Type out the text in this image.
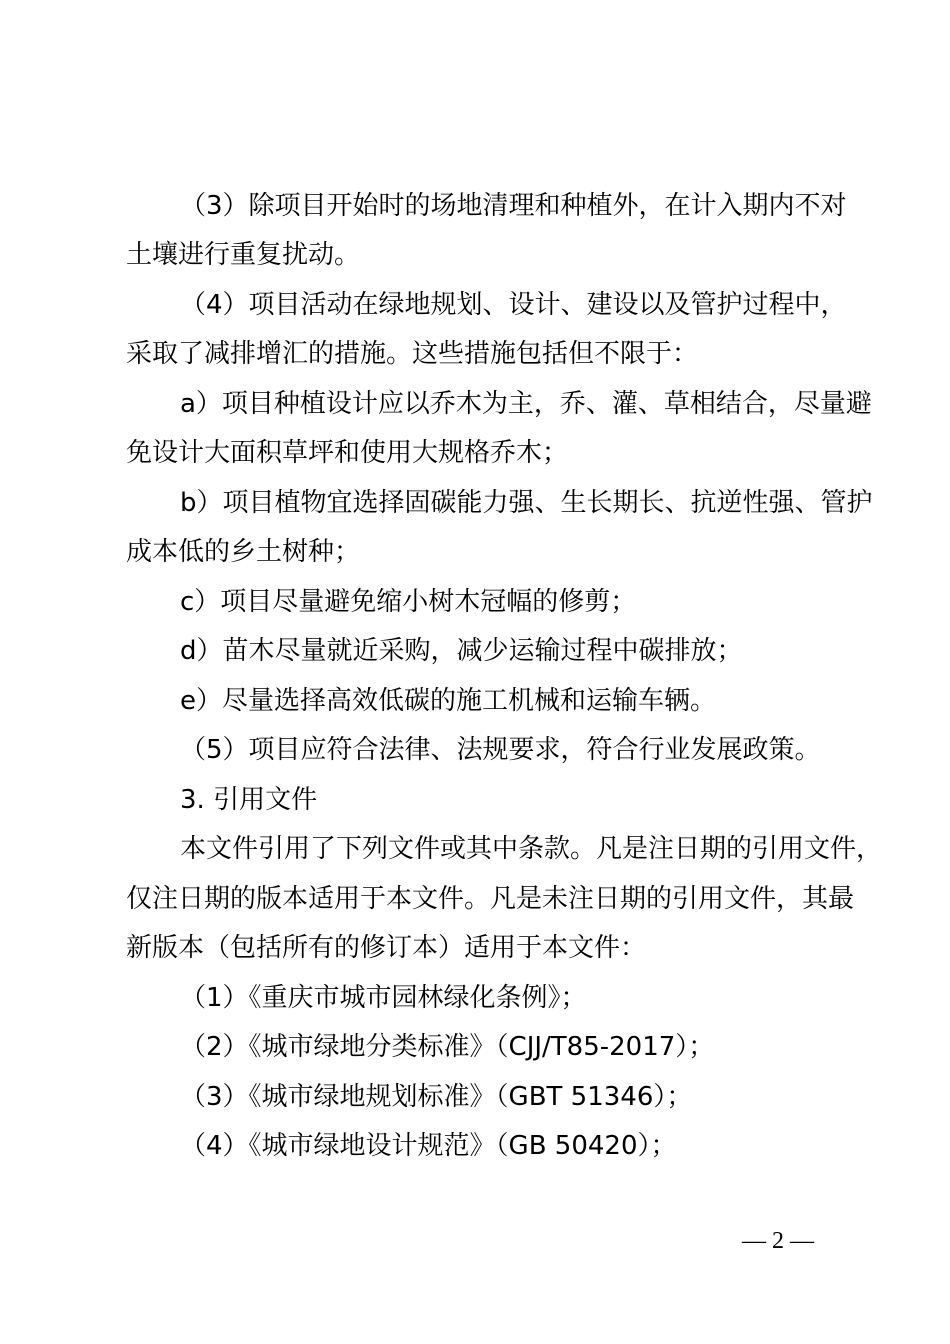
（3）除项目开始时的场地清理和种植外，在计入期内不对
土壤进行重复扰动。
（4）项目活动在绿地规划、设计、建设以及管护过程中，
采取了减排增汇的措施。这些措施包括但不限于：
a）项目种植设计应以乔木为主，乔、灌、草相结合，尽量避
免设计大面积草坪和使用大规格乔木；
b）项目植物宜选择固碳能力强、生长期长、抗逆性强、管护
成本低的乡土树种；
c）项目尽量避免缩小树木冠幅的修剪；
d）苗木尽量就近采购，减少运输过程中碳排放；
e）尽量选择高效低碳的施工机械和运输车辆。
（5）项目应符合法律、法规要求，符合行业发展政策。
3. 引用文件
本文件引用了下列文件或其中条款。凡是注日期的引用文件，
仅注日期的版本适用于本文件。凡是未注日期的引用文件，其最
新版本（包括所有的修订本）适用于本文件：
（1）《重庆市城市园林绿化条例》；
（2）《城市绿地分类标准》（CJJ/T85-2017）；
（3）《城市绿地规划标准》（GBT 51346）；
（4）《城市绿地设计规范》（GB 50420）；
— 2 —
